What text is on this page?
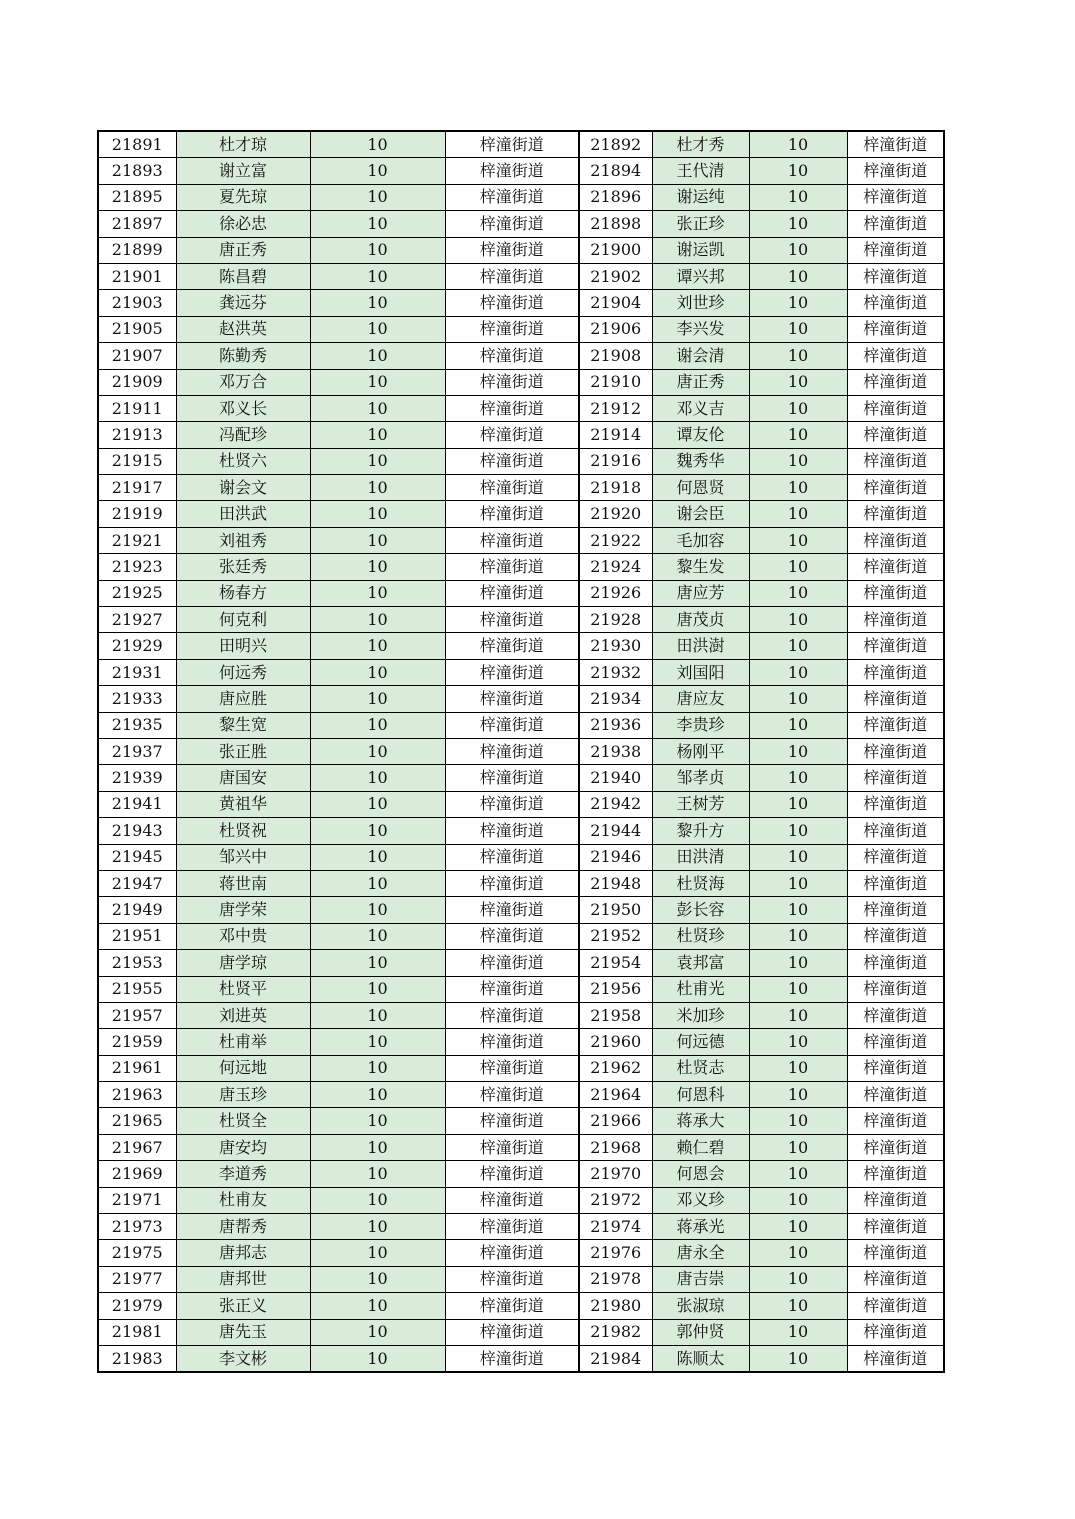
21891	杜才琼	10	梓潼街道	21892	杜才秀	10	梓潼街道
21893	谢立富	10	梓潼街道	21894	王代清	10	梓潼街道
21895	夏先琼	10	梓潼街道	21896	谢运纯	10	梓潼街道
21897	徐必忠	10	梓潼街道	21898	张正珍	10	梓潼街道
21899	唐正秀	10	梓潼街道	21900	谢运凯	10	梓潼街道
21901	陈昌碧	10	梓潼街道	21902	谭兴邦	10	梓潼街道
21903	龚远芬	10	梓潼街道	21904	刘世珍	10	梓潼街道
21905	赵洪英	10	梓潼街道	21906	李兴发	10	梓潼街道
21907	陈勤秀	10	梓潼街道	21908	谢会清	10	梓潼街道
21909	邓万合	10	梓潼街道	21910	唐正秀	10	梓潼街道
21911	邓义长	10	梓潼街道	21912	邓义吉	10	梓潼街道
21913	冯配珍	10	梓潼街道	21914	谭友伦	10	梓潼街道
21915	杜贤六	10	梓潼街道	21916	魏秀华	10	梓潼街道
21917	谢会文	10	梓潼街道	21918	何恩贤	10	梓潼街道
21919	田洪武	10	梓潼街道	21920	谢会臣	10	梓潼街道
21921	刘祖秀	10	梓潼街道	21922	毛加容	10	梓潼街道
21923	张廷秀	10	梓潼街道	21924	黎生发	10	梓潼街道
21925	杨春方	10	梓潼街道	21926	唐应芳	10	梓潼街道
21927	何克利	10	梓潼街道	21928	唐茂贞	10	梓潼街道
21929	田明兴	10	梓潼街道	21930	田洪澍	10	梓潼街道
21931	何远秀	10	梓潼街道	21932	刘国阳	10	梓潼街道
21933	唐应胜	10	梓潼街道	21934	唐应友	10	梓潼街道
21935	黎生宽	10	梓潼街道	21936	李贵珍	10	梓潼街道
21937	张正胜	10	梓潼街道	21938	杨刚平	10	梓潼街道
21939	唐国安	10	梓潼街道	21940	邹孝贞	10	梓潼街道
21941	黄祖华	10	梓潼街道	21942	王树芳	10	梓潼街道
21943	杜贤祝	10	梓潼街道	21944	黎升方	10	梓潼街道
21945	邹兴中	10	梓潼街道	21946	田洪清	10	梓潼街道
21947	蒋世南	10	梓潼街道	21948	杜贤海	10	梓潼街道
21949	唐学荣	10	梓潼街道	21950	彭长容	10	梓潼街道
21951	邓中贵	10	梓潼街道	21952	杜贤珍	10	梓潼街道
21953	唐学琼	10	梓潼街道	21954	袁邦富	10	梓潼街道
21955	杜贤平	10	梓潼街道	21956	杜甫光	10	梓潼街道
21957	刘进英	10	梓潼街道	21958	米加珍	10	梓潼街道
21959	杜甫举	10	梓潼街道	21960	何远德	10	梓潼街道
21961	何远地	10	梓潼街道	21962	杜贤志	10	梓潼街道
21963	唐玉珍	10	梓潼街道	21964	何恩科	10	梓潼街道
21965	杜贤全	10	梓潼街道	21966	蒋承大	10	梓潼街道
21967	唐安均	10	梓潼街道	21968	赖仁碧	10	梓潼街道
21969	李道秀	10	梓潼街道	21970	何恩会	10	梓潼街道
21971	杜甫友	10	梓潼街道	21972	邓义珍	10	梓潼街道
21973	唐帮秀	10	梓潼街道	21974	蒋承光	10	梓潼街道
21975	唐邦志	10	梓潼街道	21976	唐永全	10	梓潼街道
21977	唐邦世	10	梓潼街道	21978	唐吉崇	10	梓潼街道
21979	张正义	10	梓潼街道	21980	张淑琼	10	梓潼街道
21981	唐先玉	10	梓潼街道	21982	郭仲贤	10	梓潼街道
21983	李文彬	10	梓潼街道	21984	陈顺太	10	梓潼街道
